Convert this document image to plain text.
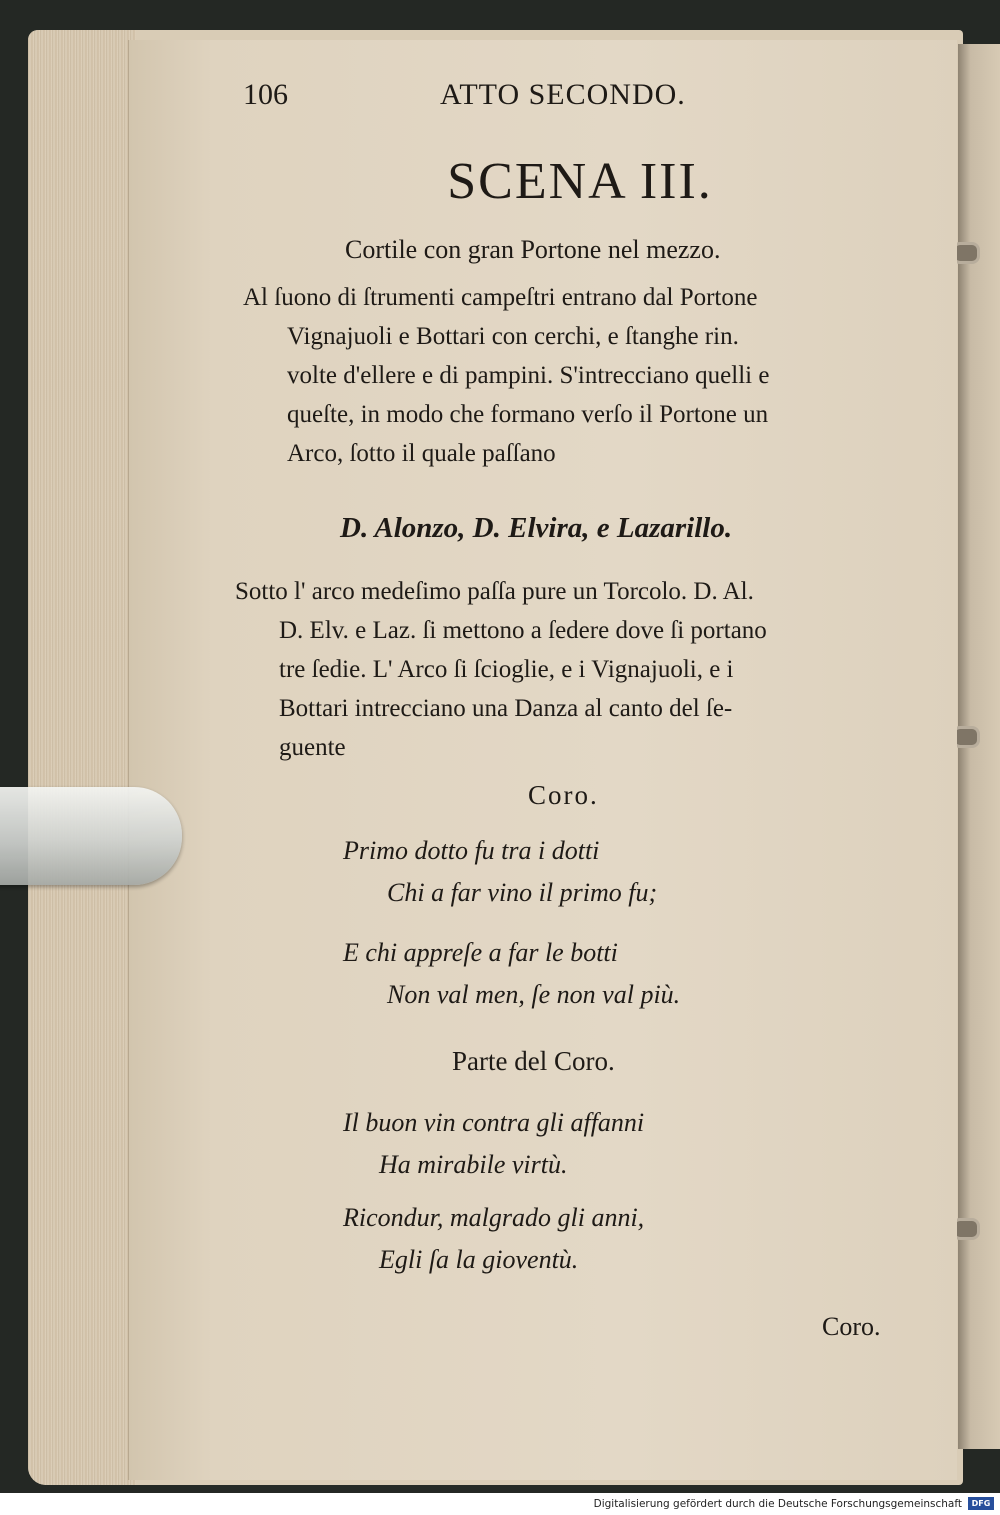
106	ATTO SECONDO.
SCENA III.
Cortile con gran Portone nel mezzo.
Al ſuono di ſtrumenti campeſtri entrano dal Portone
Vignajuoli e Bottari con cerchi, e ſtanghe rin.
volte d'ellere e di pampini. S'intrecciano quelli e
queſte, in modo che formano verſo il Portone un
Arco, ſotto il quale paſſano
D. Alonzo, D. Elvira, e Lazarillo.
Sotto l' arco medeſimo paſſa pure un Torcolo. D. Al.
D. Elv. e Laz. ſi mettono a ſedere dove ſi portano
tre ſedie. L' Arco ſi ſcioglie, e i Vignajuoli, e i
Bottari intrecciano una Danza al canto del ſe-
guente
Coro.
Primo dotto fu tra i dotti
Chi a far vino il primo fu;
E chi appreſe a far le botti
Non val men, ſe non val più.
Parte del Coro.
Il buon vin contra gli affanni
Ha mirabile virtù.
Ricondur, malgrado gli anni,
Egli ſa la gioventù.
Coro.
Digitalisierung gefördert durch die Deutsche Forschungsgemeinschaft	DFG
